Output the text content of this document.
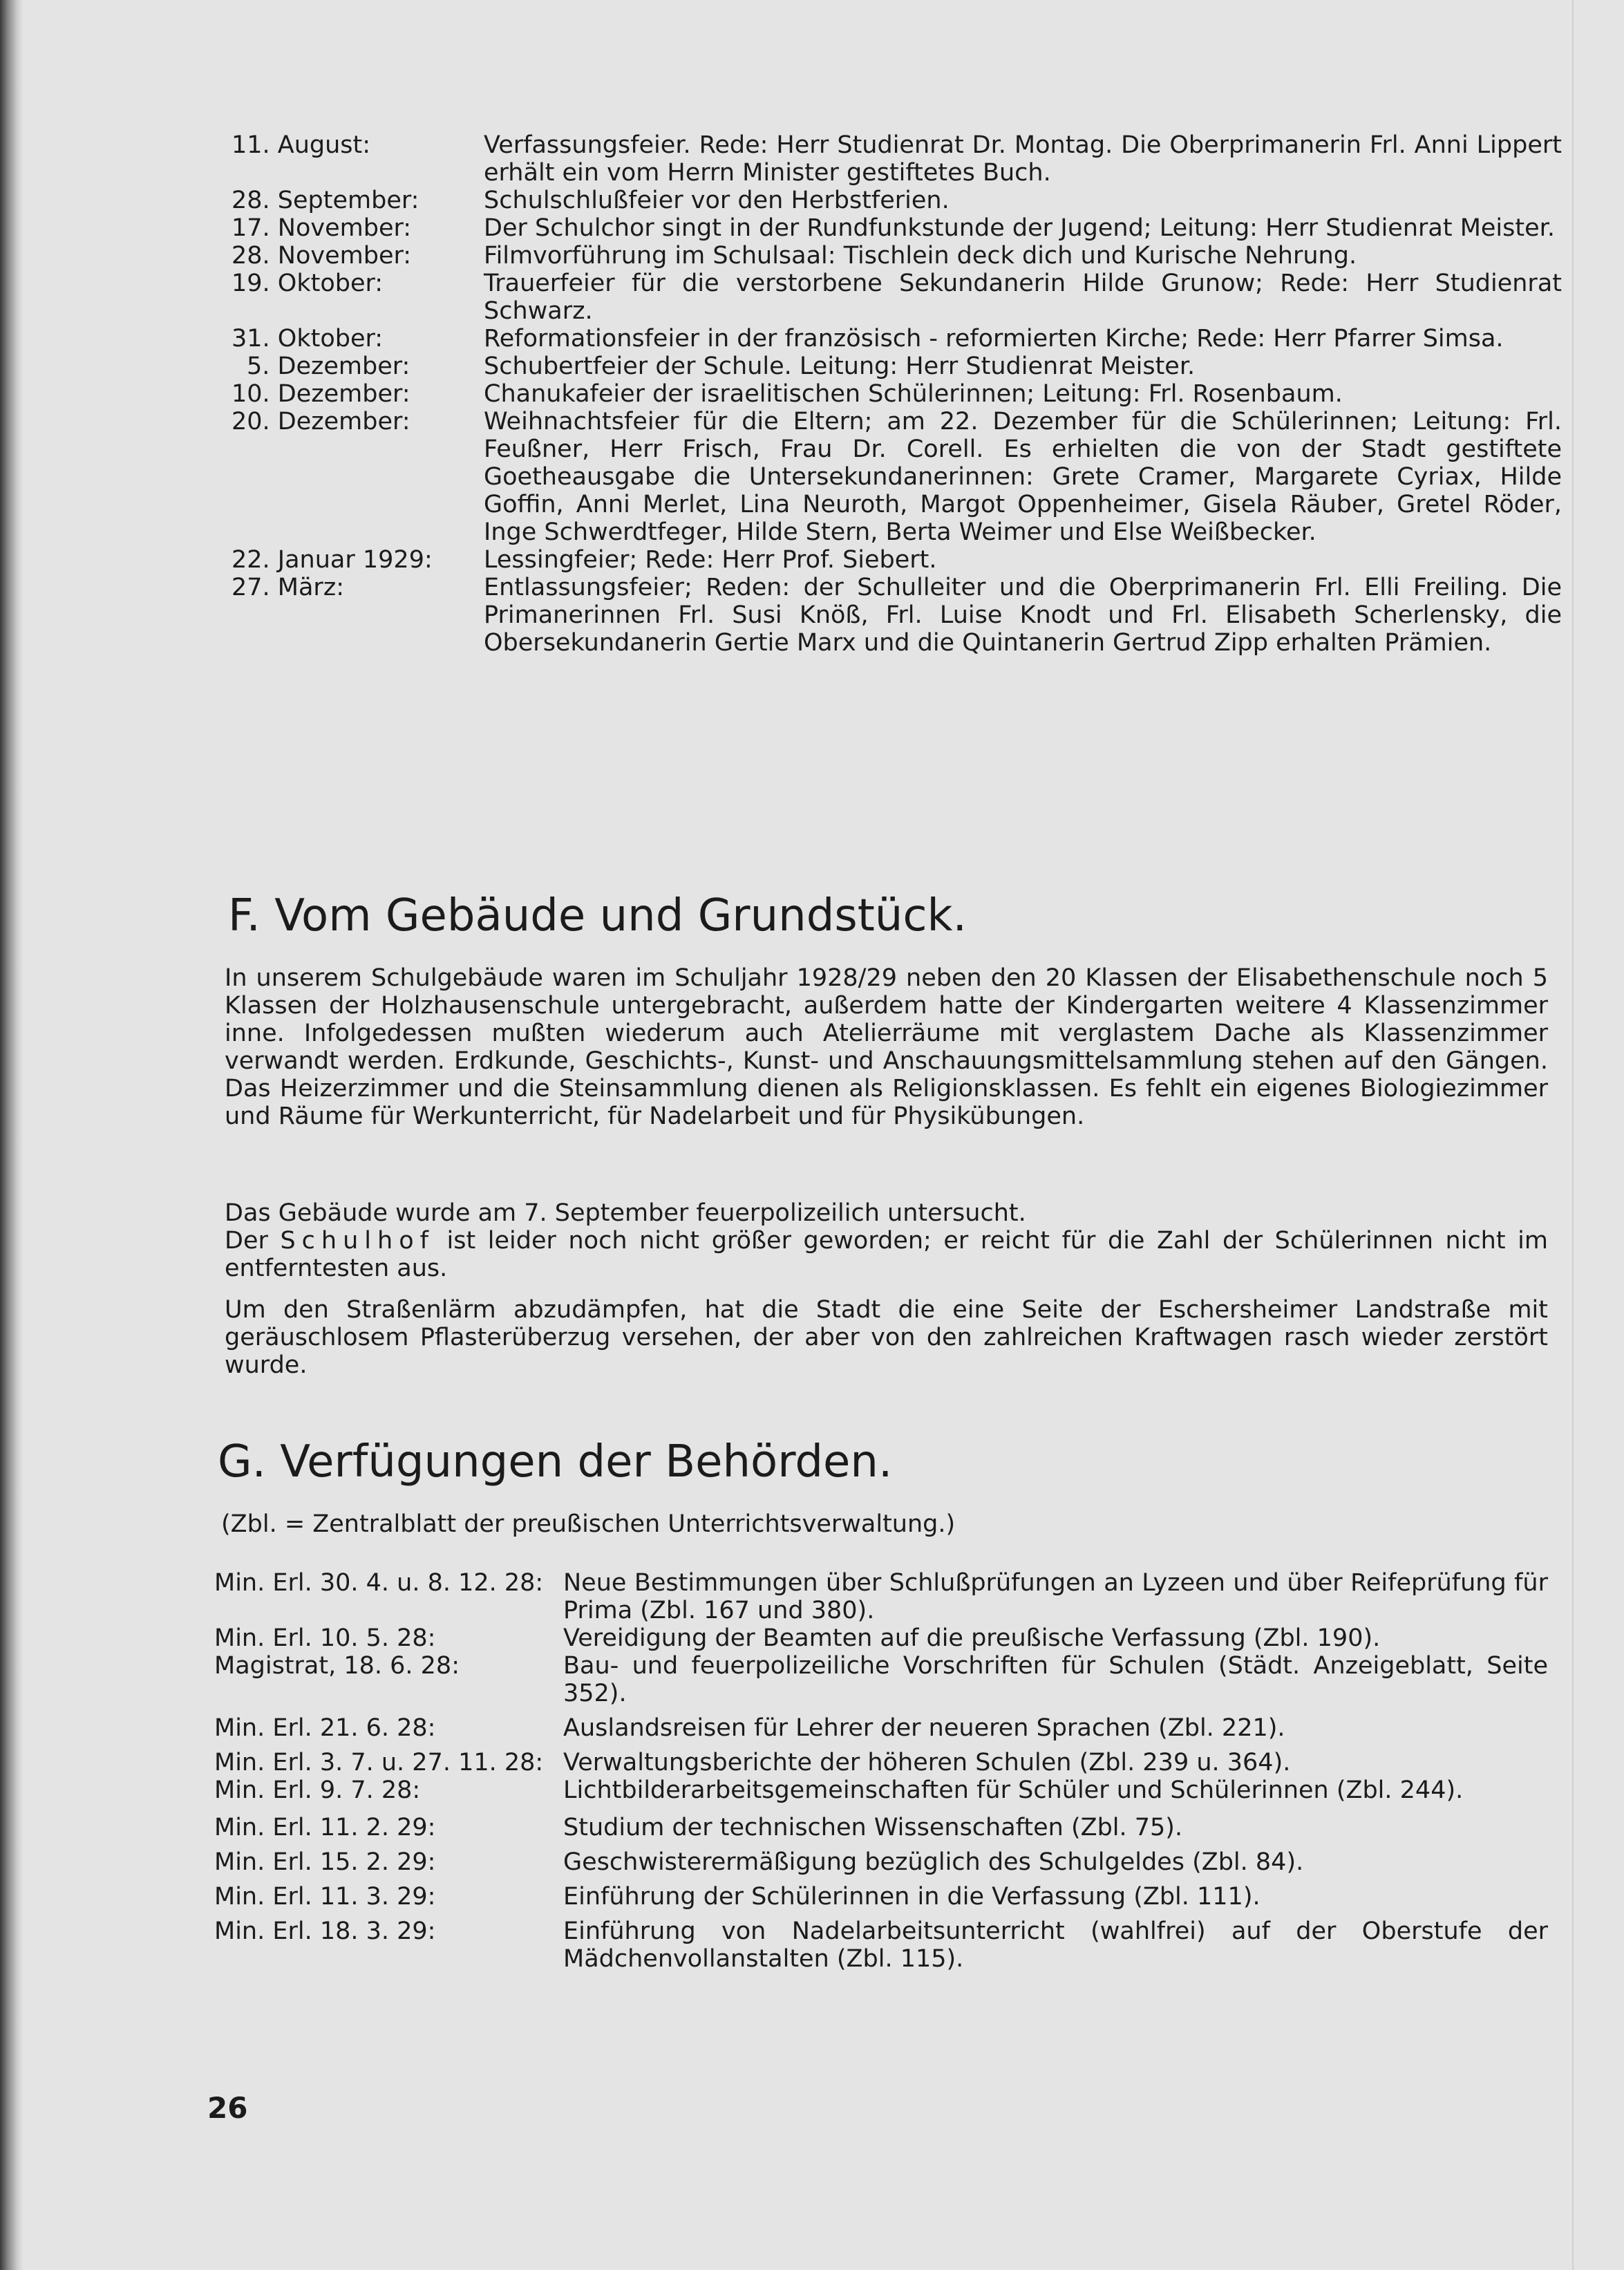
11. August:	Verfassungsfeier. Rede: Herr Studienrat Dr. Montag. Die Oberprimanerin Frl. Anni Lippert erhält ein vom Herrn Minister gestiftetes Buch.
28. September:	Schulschlußfeier vor den Herbstferien.
17. November:	Der Schulchor singt in der Rundfunkstunde der Jugend; Leitung: Herr Studienrat Meister.
28. November:	Filmvorführung im Schulsaal: Tischlein deck dich und Kurische Nehrung.
19. Oktober:	Trauerfeier für die verstorbene Sekundanerin Hilde Grunow; Rede: Herr Studienrat Schwarz.
31. Oktober:	Reformationsfeier in der französisch - reformierten Kirche; Rede: Herr Pfarrer Simsa.
5. Dezember:	Schubertfeier der Schule. Leitung: Herr Studienrat Meister.
10. Dezember:	Chanukafeier der israelitischen Schülerinnen; Leitung: Frl. Rosenbaum.
20. Dezember:	Weihnachtsfeier für die Eltern; am 22. Dezember für die Schülerinnen; Leitung: Frl. Feußner, Herr Frisch, Frau Dr. Corell. Es erhielten die von der Stadt gestiftete Goetheausgabe die Untersekundanerinnen: Grete Cramer, Margarete Cyriax, Hilde Goffin, Anni Merlet, Lina Neuroth, Margot Oppenheimer, Gisela Räuber, Gretel Röder, Inge Schwerdtfeger, Hilde Stern, Berta Weimer und Else Weißbecker.
22. Januar 1929:	Lessingfeier; Rede: Herr Prof. Siebert.
27. März:	Entlassungsfeier; Reden: der Schulleiter und die Oberprimanerin Frl. Elli Freiling. Die Primanerinnen Frl. Susi Knöß, Frl. Luise Knodt und Frl. Elisabeth Scherlensky, die Obersekundanerin Gertie Marx und die Quintanerin Gertrud Zipp erhalten Prämien.
F. Vom Gebäude und Grundstück.
In unserem Schulgebäude waren im Schuljahr 1928/29 neben den 20 Klassen der Elisabethenschule noch 5 Klassen der Holzhausenschule untergebracht, außerdem hatte der Kindergarten weitere 4 Klassenzimmer inne. Infolgedessen mußten wiederum auch Atelierräume mit verglastem Dache als Klassenzimmer verwandt werden. Erdkunde, Geschichts-, Kunst- und Anschauungsmittelsammlung stehen auf den Gängen. Das Heizerzimmer und die Steinsammlung dienen als Religionsklassen. Es fehlt ein eigenes Biologiezimmer und Räume für Werkunterricht, für Nadelarbeit und für Physikübungen.
Das Gebäude wurde am 7. September feuerpolizeilich untersucht.
Der Schulhof ist leider noch nicht größer geworden; er reicht für die Zahl der Schülerinnen nicht im entferntesten aus.
Um den Straßenlärm abzudämpfen, hat die Stadt die eine Seite der Eschersheimer Landstraße mit geräuschlosem Pflasterüberzug versehen, der aber von den zahlreichen Kraftwagen rasch wieder zerstört wurde.
G. Verfügungen der Behörden.
(Zbl. = Zentralblatt der preußischen Unterrichtsverwaltung.)
Min. Erl. 30. 4. u. 8. 12. 28: Neue Bestimmungen über Schlußprüfungen an Lyzeen und über Reifeprüfung für Prima (Zbl. 167 und 380).
Min. Erl. 10. 5. 28:	Vereidigung der Beamten auf die preußische Verfassung (Zbl. 190).
Magistrat, 18. 6. 28:	Bau- und feuerpolizeiliche Vorschriften für Schulen (Städt. Anzeigeblatt, Seite 352).
Min. Erl. 21. 6. 28:	Auslandsreisen für Lehrer der neueren Sprachen (Zbl. 221).
Min. Erl. 3. 7. u. 27. 11. 28: Verwaltungsberichte der höheren Schulen (Zbl. 239 u. 364).
Min. Erl. 9. 7. 28:	Lichtbilderarbeitsgemeinschaften für Schüler und Schülerinnen (Zbl. 244).
Min. Erl. 11. 2. 29:	Studium der technischen Wissenschaften (Zbl. 75).
Min. Erl. 15. 2. 29:	Geschwisterermäßigung bezüglich des Schulgeldes (Zbl. 84).
Min. Erl. 11. 3. 29:	Einführung der Schülerinnen in die Verfassung (Zbl. 111).
Min. Erl. 18. 3. 29:	Einführung von Nadelarbeitsunterricht (wahlfrei) auf der Oberstufe der Mädchenvollanstalten (Zbl. 115).
26
